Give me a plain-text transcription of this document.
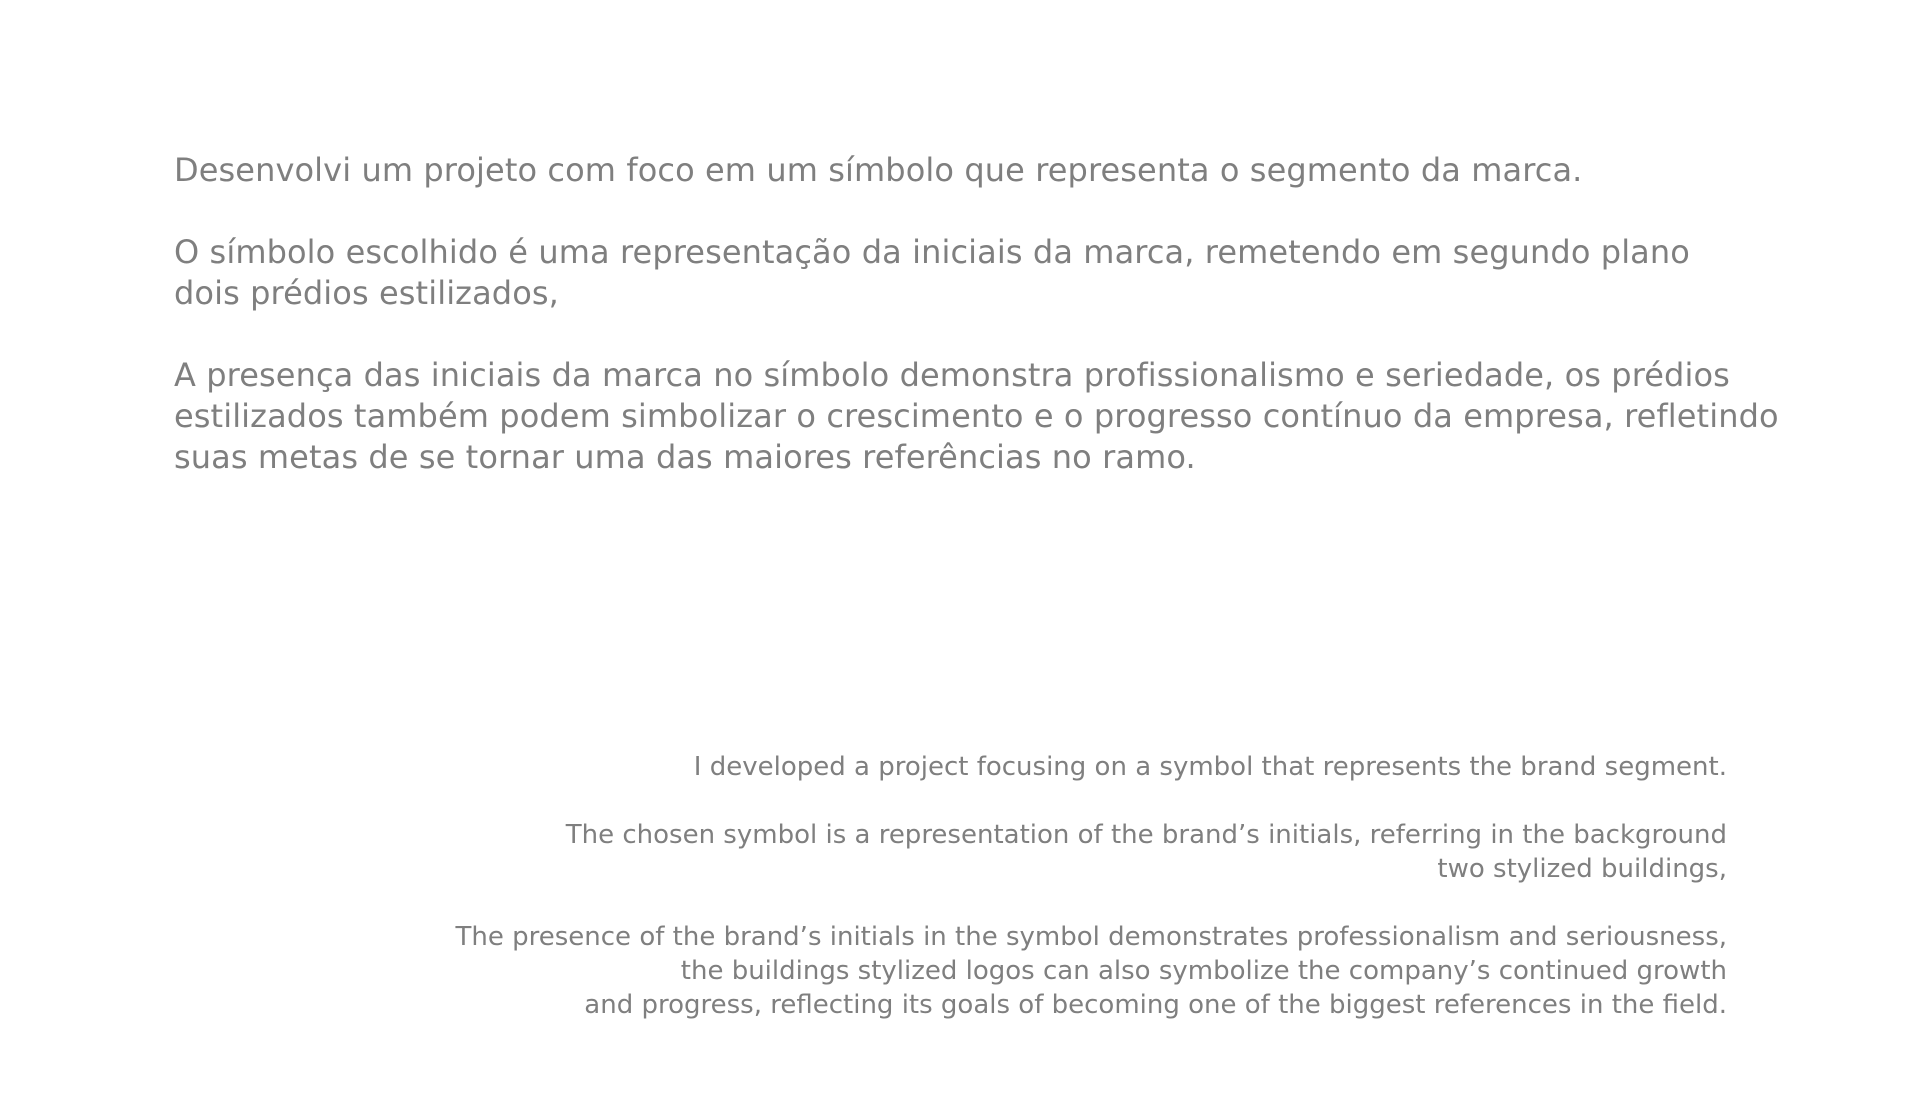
Desenvolvi um projeto com foco em um símbolo que representa o segmento da marca.

O símbolo escolhido é uma representação da iniciais da marca, remetendo em segundo plano
dois prédios estilizados,

A presença das iniciais da marca no símbolo demonstra profissionalismo e seriedade, os prédios
estilizados também podem simbolizar o crescimento e o progresso contínuo da empresa, refletindo
suas metas de se tornar uma das maiores referências no ramo.

I developed a project focusing on a symbol that represents the brand segment.

The chosen symbol is a representation of the brand’s initials, referring in the background
two stylized buildings,

The presence of the brand’s initials in the symbol demonstrates professionalism and seriousness,
the buildings stylized logos can also symbolize the company’s continued growth
and progress, reflecting its goals of becoming one of the biggest references in the field.
